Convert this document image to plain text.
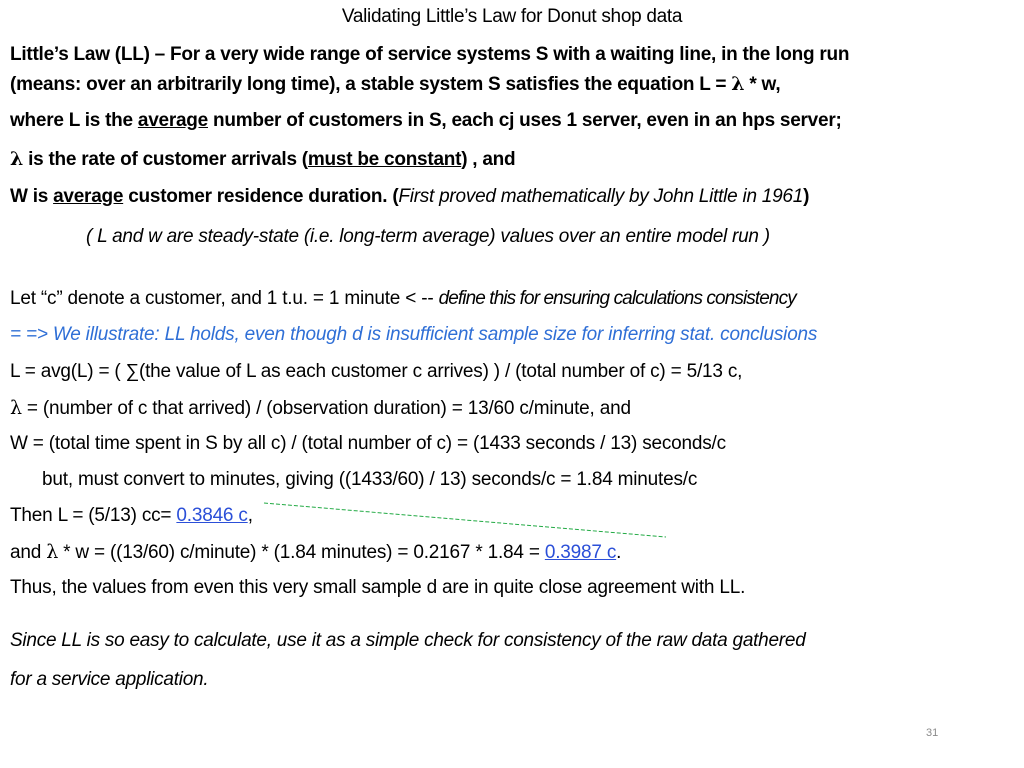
Validating Little’s Law for Donut shop data
Little’s Law (LL) – For a very wide range of service systems S with a waiting line, in the long run
(means: over an arbitrarily long time), a stable system S satisfies the equation L = λ * w,
where L is the average number of customers in S, each cj uses 1 server, even in an hps server;
λ is the rate of customer arrivals (must be constant) , and
W is average customer residence duration. (First proved mathematically by John Little in 1961)
( L and w are steady-state (i.e. long-term average) values over an entire model run )
Let “c” denote a customer, and 1 t.u. = 1 minute < -- define this for ensuring calculations consistency
= => We illustrate: LL holds, even though d is insufficient sample size for inferring stat. conclusions
L = avg(L) = ( ∑(the value of L as each customer c arrives) ) / (total number of c) = 5/13 c,
λ = (number of c that arrived) / (observation duration) = 13/60 c/minute, and
W = (total time spent in S by all c) / (total number of c) = (1433 seconds / 13) seconds/c
but, must convert to minutes, giving ((1433/60) / 13) seconds/c = 1.84 minutes/c
Then L = (5/13) cc= 0.3846 c,
and λ * w = ((13/60) c/minute) * (1.84 minutes) = 0.2167 * 1.84 = 0.3987 c.
Thus, the values from even this very small sample d are in quite close agreement with LL.
Since LL is so easy to calculate, use it as a simple check for consistency of the raw data gathered
for a service application.
31
